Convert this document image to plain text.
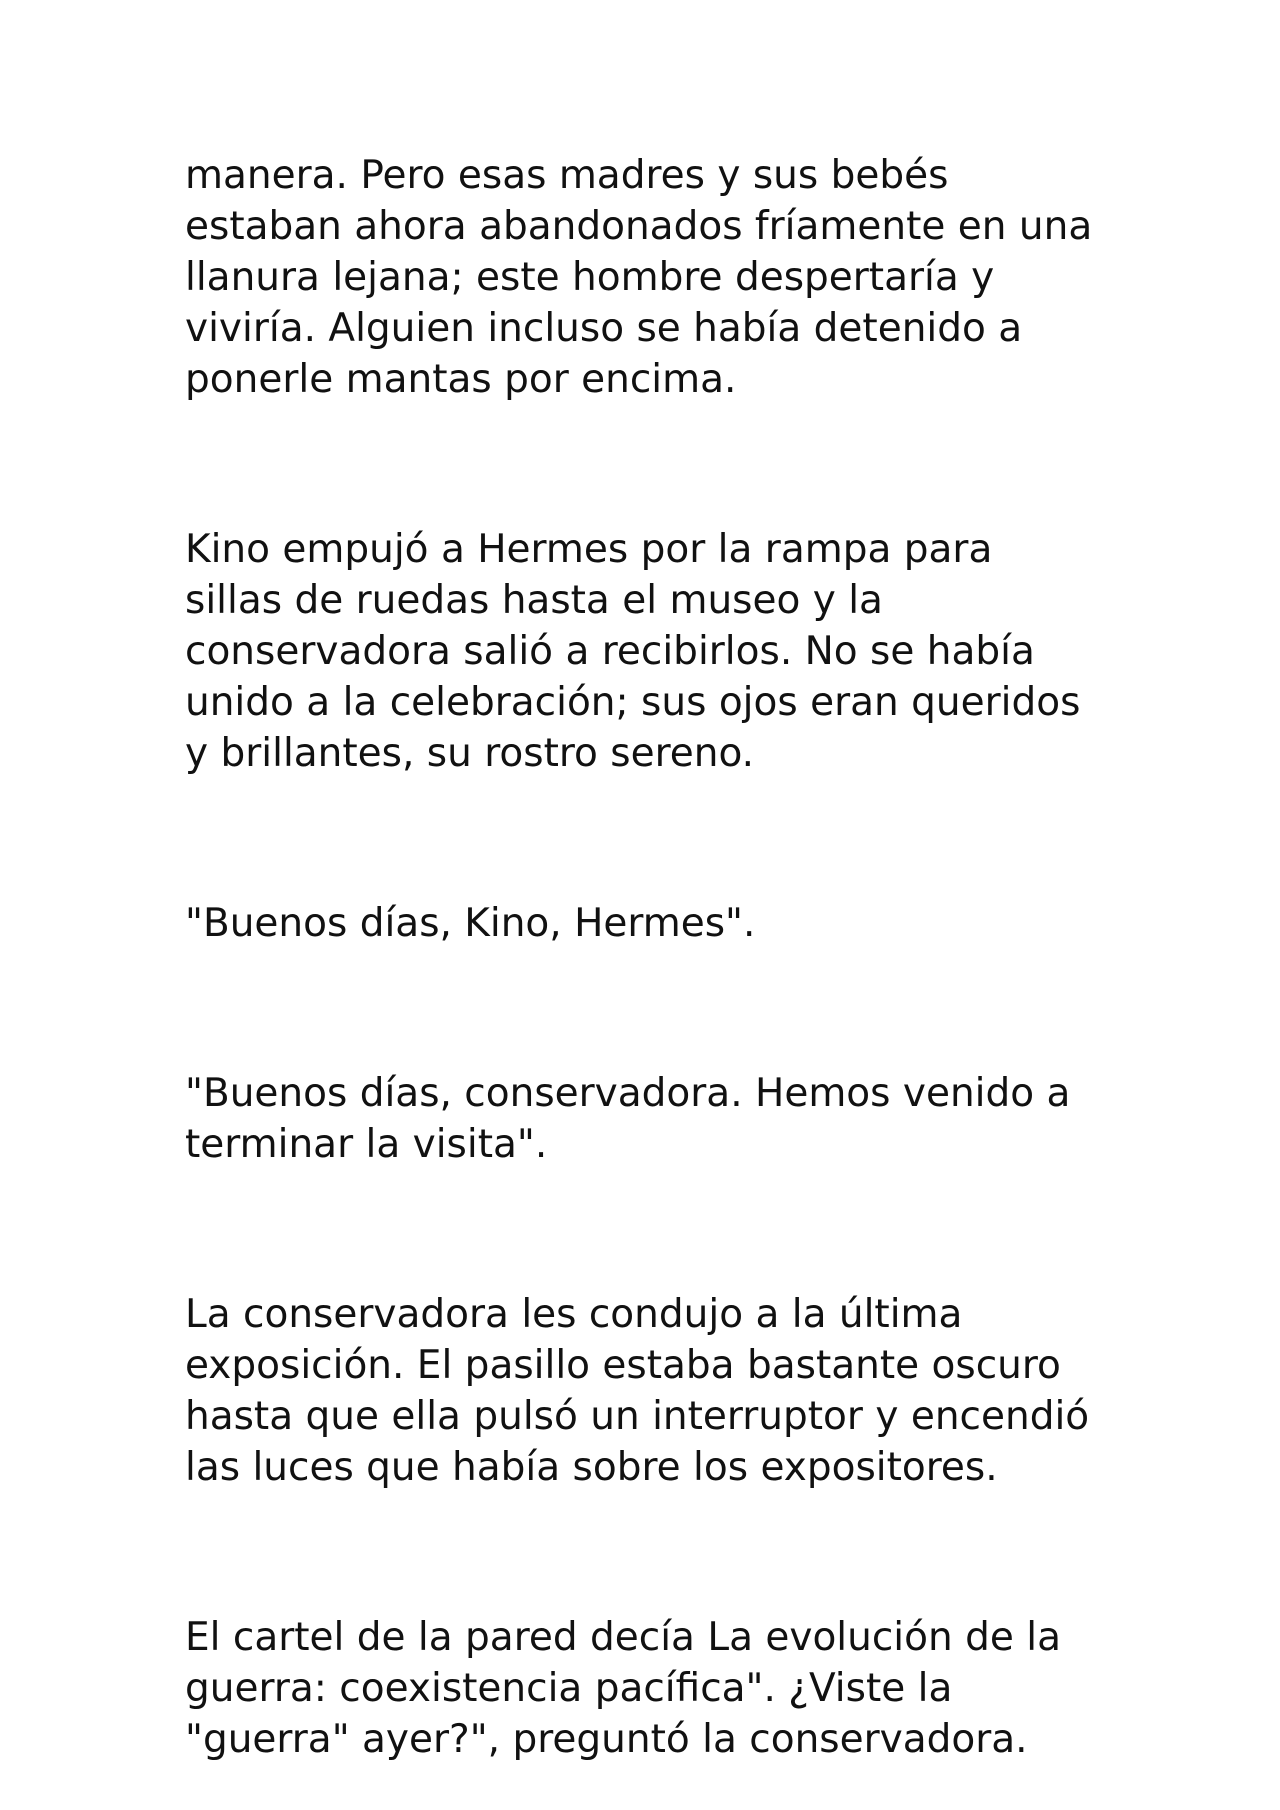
manera. Pero esas madres y sus bebés
estaban ahora abandonados fríamente en una
llanura lejana; este hombre despertaría y
viviría. Alguien incluso se había detenido a
ponerle mantas por encima.

Kino empujó a Hermes por la rampa para
sillas de ruedas hasta el museo y la
conservadora salió a recibirlos. No se había
unido a la celebración; sus ojos eran queridos
y brillantes, su rostro sereno.

"Buenos días, Kino, Hermes".

"Buenos días, conservadora. Hemos venido a
terminar la visita".

La conservadora les condujo a la última
exposición. El pasillo estaba bastante oscuro
hasta que ella pulsó un interruptor y encendió
las luces que había sobre los expositores.

El cartel de la pared decía La evolución de la
guerra: coexistencia pacífica". ¿Viste la
"guerra" ayer?", preguntó la conservadora.
